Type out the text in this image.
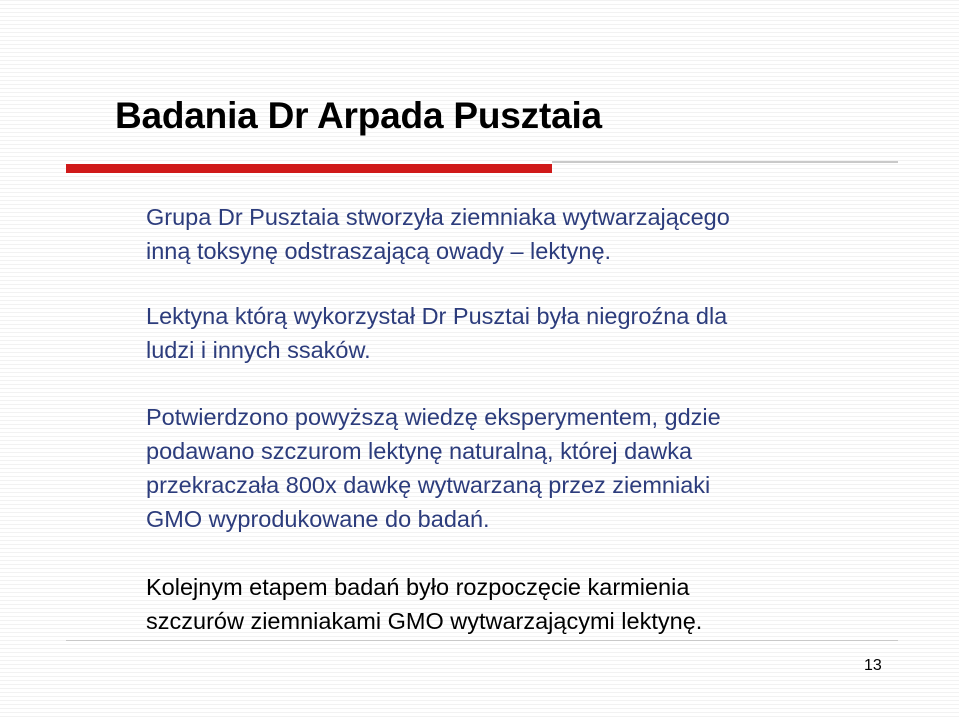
Badania Dr Arpada Pusztaia
Grupa Dr Pusztaia stworzyła ziemniaka wytwarzającego
inną toksynę odstraszającą owady – lektynę.
Lektyna którą wykorzystał Dr Pusztai była niegroźna dla
ludzi i innych ssaków.
Potwierdzono powyższą wiedzę eksperymentem, gdzie
podawano szczurom lektynę naturalną, której dawka
przekraczała 800x dawkę wytwarzaną przez ziemniaki
GMO wyprodukowane do badań.
Kolejnym etapem badań było rozpoczęcie karmienia
szczurów ziemniakami GMO wytwarzającymi lektynę.
13
